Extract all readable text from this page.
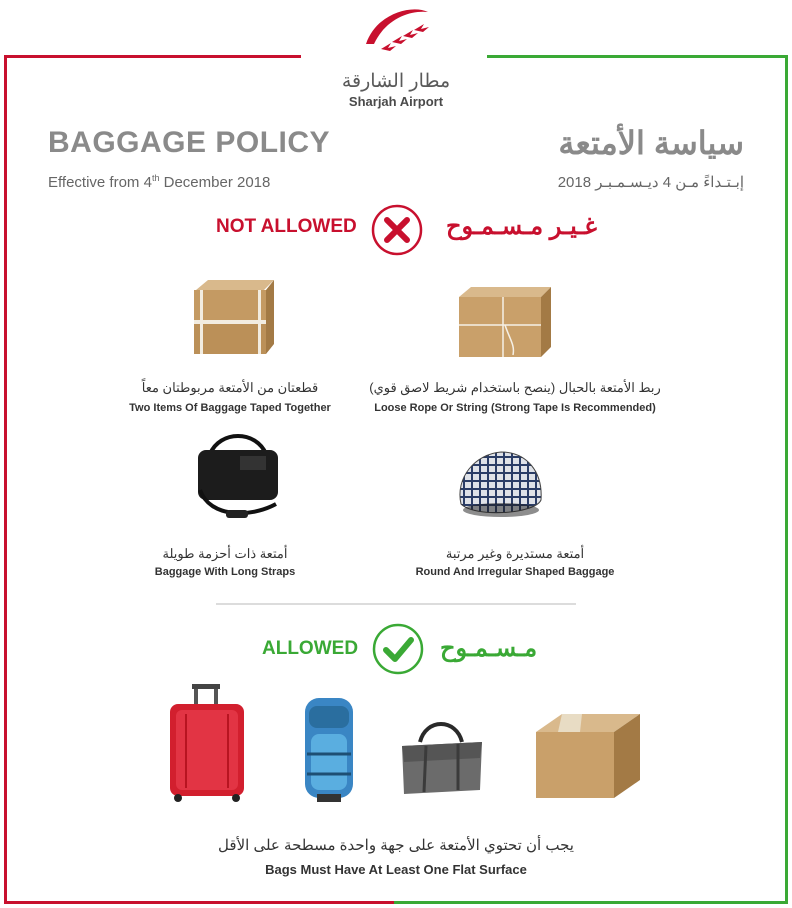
مطار الشارقة
Sharjah Airport
BAGGAGE POLICY
Effective from 4th December 2018
سياسة الأمتعة
إبـتـداءً مـن 4 ديـسـمـبـر 2018
NOT ALLOWED	غـيـر مـسـمـوح
قطعتان من الأمتعة مربوطتان معاً
Two Items Of Baggage Taped Together
ربط الأمتعة بالحبال (ينصح باستخدام شريط لاصق قوي)
Loose Rope Or String (Strong Tape Is Recommended)
أمتعة ذات أحزمة طويلة
Baggage With Long Straps
أمتعة مستديرة وغير مرتبة
Round And Irregular Shaped Baggage
ALLOWED	مـسـمـوح
يجب أن تحتوي الأمتعة على جهة واحدة مسطحة على الأقل
Bags Must Have At Least One Flat Surface
